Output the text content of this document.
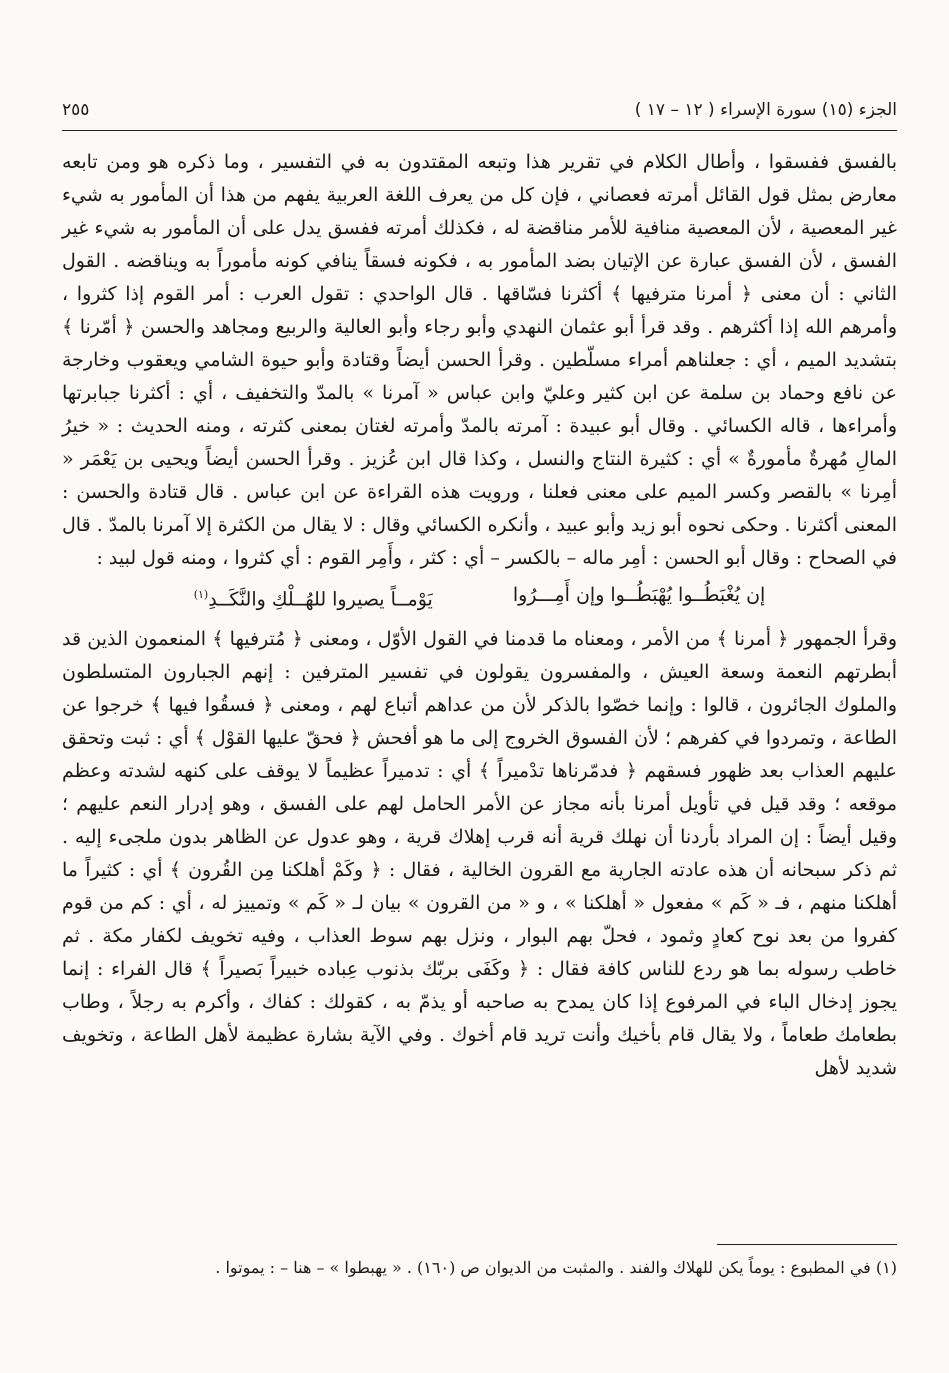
الجزء (١٥) سورة الإسراء ( ١٢ – ١٧ )
٢٥٥

بالفسق ففسقوا ، وأطال الكلام في تقرير هذا وتبعه المقتدون به في التفسير ، وما ذكره هو ومن تابعه معارض بمثل قول القائل أمرته فعصاني ، فإن كل من يعرف اللغة العربية يفهم من هذا أن المأمور به شيء غير المعصية ، لأن المعصية منافية للأمر مناقضة له ، فكذلك أمرته ففسق يدل على أن المأمور به شيء غير الفسق ، لأن الفسق عبارة عن الإتيان بضد المأمور به ، فكونه فسقاً ينافي كونه مأموراً به ويناقضه . القول الثاني : أن معنى ﴿ أمرنا مترفيها ﴾ أكثرنا فسّاقها . قال الواحدي : تقول العرب : أمر القوم إذا كثروا ، وأمرهم الله إذا أكثرهم . وقد قرأ أبو عثمان النهدي وأبو رجاء وأبو العالية والربيع ومجاهد والحسن ﴿ أمّرنا ﴾ بتشديد الميم ، أي : جعلناهم أمراء مسلّطين . وقرأ الحسن أيضاً وقتادة وأبو حيوة الشامي ويعقوب وخارجة عن نافع وحماد بن سلمة عن ابن كثير وعليّ وابن عباس « آمرنا » بالمدّ والتخفيف ، أي : أكثرنا جبابرتها وأمراءها ، قاله الكسائي . وقال أبو عبيدة : آمرته بالمدّ وأمرته لغتان بمعنى كثرته ، ومنه الحديث : « خيرُ المالِ مُهرةٌ مأمورةٌ » أي : كثيرة النتاج والنسل ، وكذا قال ابن عُزيز . وقرأ الحسن أيضاً ويحيى بن يَعْمَر « أمِرنا » بالقصر وكسر الميم على معنى فعلنا ، ورويت هذه القراءة عن ابن عباس . قال قتادة والحسن : المعنى أكثرنا . وحكى نحوه أبو زيد وأبو عبيد ، وأنكره الكسائي وقال : لا يقال من الكثرة إلا آمرنا بالمدّ . قال في الصحاح : وقال أبو الحسن : أمِر ماله – بالكسر – أي : كثر ، وأَمِر القوم : أي كثروا ، ومنه قول لبيد :

إن يُغْبَطُــوا يُهْبَطُــوا وإن أَمِـــرُوا
يَوْمــاً يصيروا للهُــلْكِ والنَّكَــدِ$^{(١)}$

وقرأ الجمهور ﴿ أمرنا ﴾ من الأمر ، ومعناه ما قدمنا في القول الأوّل ، ومعنى ﴿ مُترفيها ﴾ المنعمون الذين قد أبطرتهم النعمة وسعة العيش ، والمفسرون يقولون في تفسير المترفين : إنهم الجبارون المتسلطون والملوك الجائرون ، قالوا : وإنما خصّوا بالذكر لأن من عداهم أتباع لهم ، ومعنى ﴿ فسقُوا فيها ﴾ خرجوا عن الطاعة ، وتمردوا في كفرهم ؛ لأن الفسوق الخروج إلى ما هو أفحش ﴿ فحقّ عليها القوْل ﴾ أي : ثبت وتحقق عليهم العذاب بعد ظهور فسقهم ﴿ فدمّرناها تدْميراً ﴾ أي : تدميراً عظيماً لا يوقف على كنهه لشدته وعظم موقعه ؛ وقد قيل في تأويل أمرنا بأنه مجاز عن الأمر الحامل لهم على الفسق ، وهو إدرار النعم عليهم ؛ وقيل أيضاً : إن المراد بأردنا أن نهلك قرية أنه قرب إهلاك قرية ، وهو عدول عن الظاهر بدون ملجىء إليه . ثم ذكر سبحانه أن هذه عادته الجارية مع القرون الخالية ، فقال : ﴿ وكَمْ أهلكنا مِن القُرون ﴾ أي : كثيراً ما أهلكنا منهم ، فـ « كَم » مفعول « أهلكنا » ، و « من القرون » بيان لـ « كَم » وتمييز له ، أي : كم من قوم كفروا من بعد نوح كعادٍ وثمود ، فحلّ بهم البوار ، ونزل بهم سوط العذاب ، وفيه تخويف لكفار مكة . ثم خاطب رسوله بما هو ردع للناس كافة فقال : ﴿ وكَفَى بربّك بذنوب عِباده خبيراً بَصيراً ﴾ قال الفراء : إنما يجوز إدخال الباء في المرفوع إذا كان يمدح به صاحبه أو يذمّ به ، كقولك : كفاك ، وأكرم به رجلاً ، وطاب بطعامك طعاماً ، ولا يقال قام بأخيك وأنت تريد قام أخوك . وفي الآية بشارة عظيمة لأهل الطاعة ، وتخويف شديد لأهل

(١) في المطبوع : يوماً يكن للهلاك والفند . والمثبت من الديوان ص (١٦٠) . « يهبطوا » – هنا – : يموتوا .
